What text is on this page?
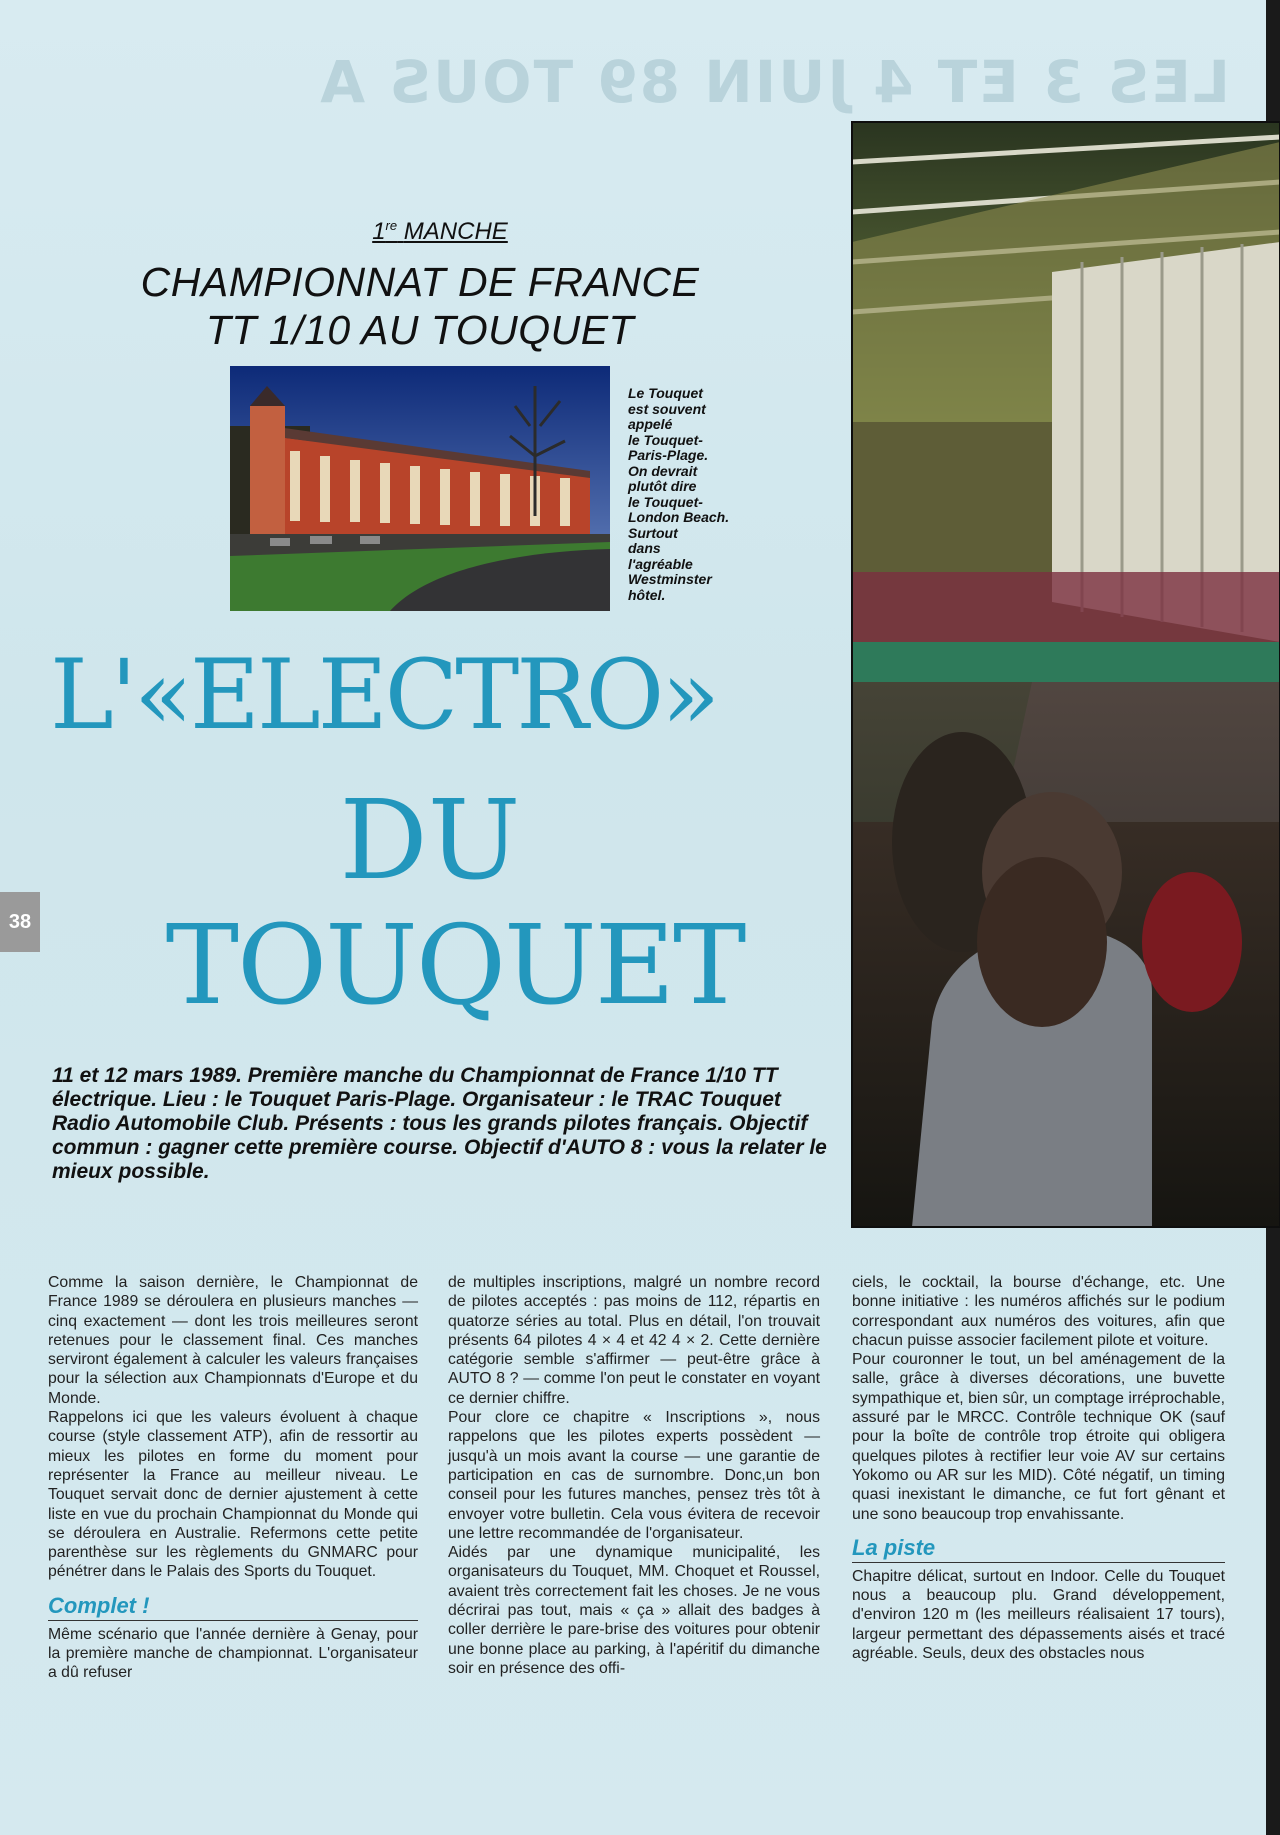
LES 3 ET 4 JUIN 89 TOUS A
1re MANCHE
CHAMPIONNAT DE FRANCE
TT 1/10 AU TOUQUET
Le Touquet
est souvent
appelé
le Touquet-
Paris-Plage.
On devrait
plutôt dire
le Touquet-
London Beach.
Surtout
dans
l'agréable
Westminster
hôtel.
38
L'«ELECTRO»
DU
TOUQUET
11 et 12 mars 1989. Première manche du Championnat de France 1/10 TT électrique. Lieu : le Touquet Paris-Plage. Organisateur : le TRAC Touquet Radio Automobile Club. Présents : tous les grands pilotes français. Objectif commun : gagner cette première course. Objectif d'AUTO 8 : vous la relater le mieux possible.

Comme la saison dernière, le Championnat de France 1989 se déroulera en plusieurs manches — cinq exactement — dont les trois meilleures seront retenues pour le classement final. Ces manches serviront également à calculer les valeurs françaises pour la sélection aux Championnats d'Europe et du Monde.

Rappelons ici que les valeurs évoluent à chaque course (style classement ATP), afin de ressortir au mieux les pilotes en forme du moment pour représenter la France au meilleur niveau. Le Touquet servait donc de dernier ajustement à cette liste en vue du prochain Championnat du Monde qui se déroulera en Australie. Refermons cette petite parenthèse sur les règlements du GNMARC pour pénétrer dans le Palais des Sports du Touquet.

Complet !

Même scénario que l'année dernière à Genay, pour la première manche de championnat. L'organisateur a dû refuser

de multiples inscriptions, malgré un nombre record de pilotes acceptés : pas moins de 112, répartis en quatorze séries au total. Plus en détail, l'on trouvait présents 64 pilotes 4 × 4 et 42 4 × 2. Cette dernière catégorie semble s'affirmer — peut-être grâce à AUTO 8 ? — comme l'on peut le constater en voyant ce dernier chiffre.

Pour clore ce chapitre « Inscriptions », nous rappelons que les pilotes experts possèdent — jusqu'à un mois avant la course — une garantie de participation en cas de surnombre. Donc,un bon conseil pour les futures manches, pensez très tôt à envoyer votre bulletin. Cela vous évitera de recevoir une lettre recommandée de l'organisateur.

Aidés par une dynamique municipalité, les organisateurs du Touquet, MM. Choquet et Roussel, avaient très correctement fait les choses. Je ne vous décrirai pas tout, mais « ça » allait des badges à coller derrière le pare-brise des voitures pour obtenir une bonne place au parking, à l'apéritif du dimanche soir en présence des offi-

ciels, le cocktail, la bourse d'échange, etc. Une bonne initiative : les numéros affichés sur le podium correspondant aux numéros des voitures, afin que chacun puisse associer facilement pilote et voiture.

Pour couronner le tout, un bel aménagement de la salle, grâce à diverses décorations, une buvette sympathique et, bien sûr, un comptage irréprochable, assuré par le MRCC. Contrôle technique OK (sauf pour la boîte de contrôle trop étroite qui obligera quelques pilotes à rectifier leur voie AV sur certains Yokomo ou AR sur les MID). Côté négatif, un timing quasi inexistant le dimanche, ce fut fort gênant et une sono beaucoup trop envahissante.

La piste

Chapitre délicat, surtout en Indoor. Celle du Touquet nous a beaucoup plu. Grand développement, d'environ 120 m (les meilleurs réalisaient 17 tours), largeur permettant des dépassements aisés et tracé agréable. Seuls, deux des obstacles nous
